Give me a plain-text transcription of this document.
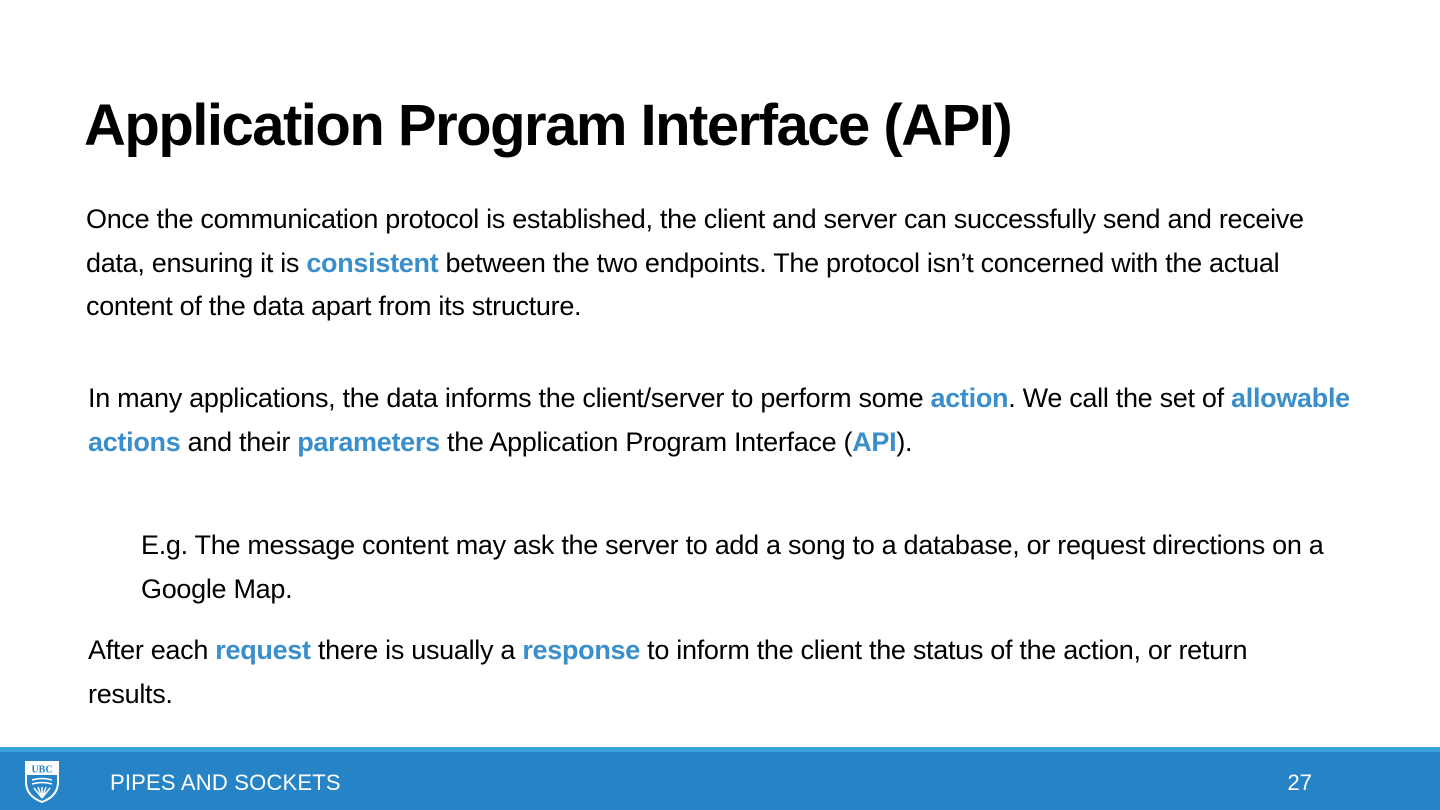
Application Program Interface (API)

Once the communication protocol is established, the client and server can successfully send and receive data, ensuring it is consistent between the two endpoints. The protocol isn’t concerned with the actual content of the data apart from its structure.

In many applications, the data informs the client/server to perform some action. We call the set of allowable actions and their parameters the Application Program Interface (API).

E.g. The message content may ask the server to add a song to a database, or request directions on a Google Map.

After each request there is usually a response to inform the client the status of the action, or return results.

UBC	PIPES AND SOCKETS	27
